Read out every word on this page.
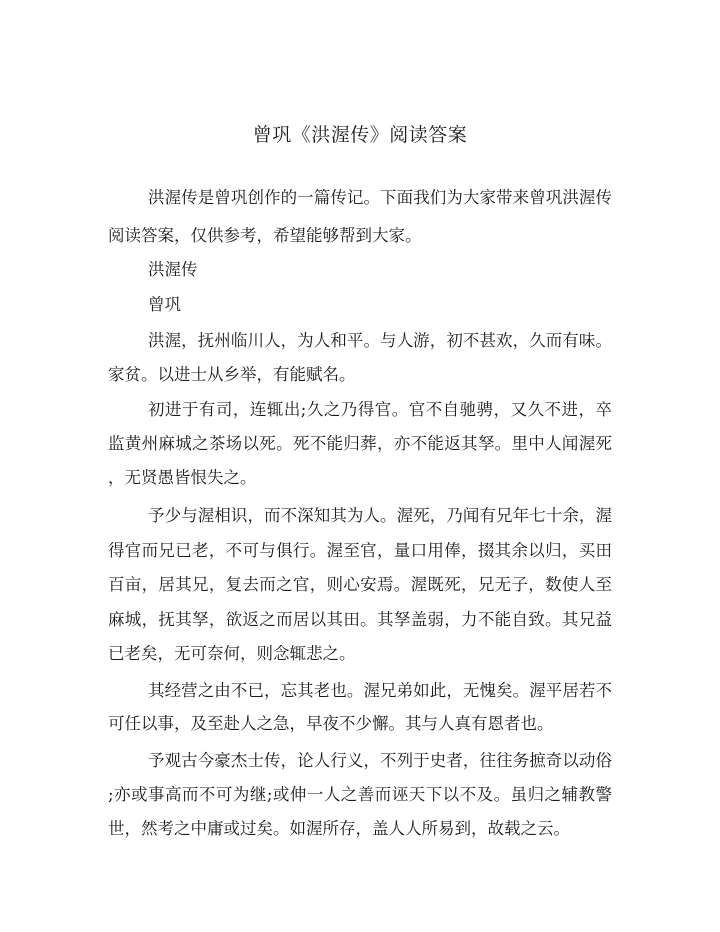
曾巩《洪渥传》阅读答案
洪渥传是曾巩创作的一篇传记。下面我们为大家带来曾巩洪渥传
阅读答案，仅供参考，希望能够帮到大家。
洪渥传
曾巩
洪渥，抚州临川人，为人和平。与人游，初不甚欢，久而有味。
家贫。以进士从乡举，有能赋名。
初进于有司，连辄出;久之乃得官。官不自驰骋，又久不进，卒
监黄州麻城之茶场以死。死不能归葬，亦不能返其孥。里中人闻渥死
，无贤愚皆恨失之。
予少与渥相识，而不深知其为人。渥死，乃闻有兄年七十余，渥
得官而兄已老，不可与俱行。渥至官，量口用俸，掇其余以归，买田
百亩，居其兄，复去而之官，则心安焉。渥既死，兄无子，数使人至
麻城，抚其孥，欲返之而居以其田。其孥盖弱，力不能自致。其兄益
已老矣，无可奈何，则念辄悲之。
其经营之由不已，忘其老也。渥兄弟如此，无愧矣。渥平居若不
可任以事，及至赴人之急，早夜不少懈。其与人真有恩者也。
予观古今豪杰士传，论人行义，不列于史者，往往务摭奇以动俗
;亦或事高而不可为继;或伸一人之善而诬天下以不及。虽归之辅教警
世，然考之中庸或过矣。如渥所存，盖人人所易到，故载之云。
